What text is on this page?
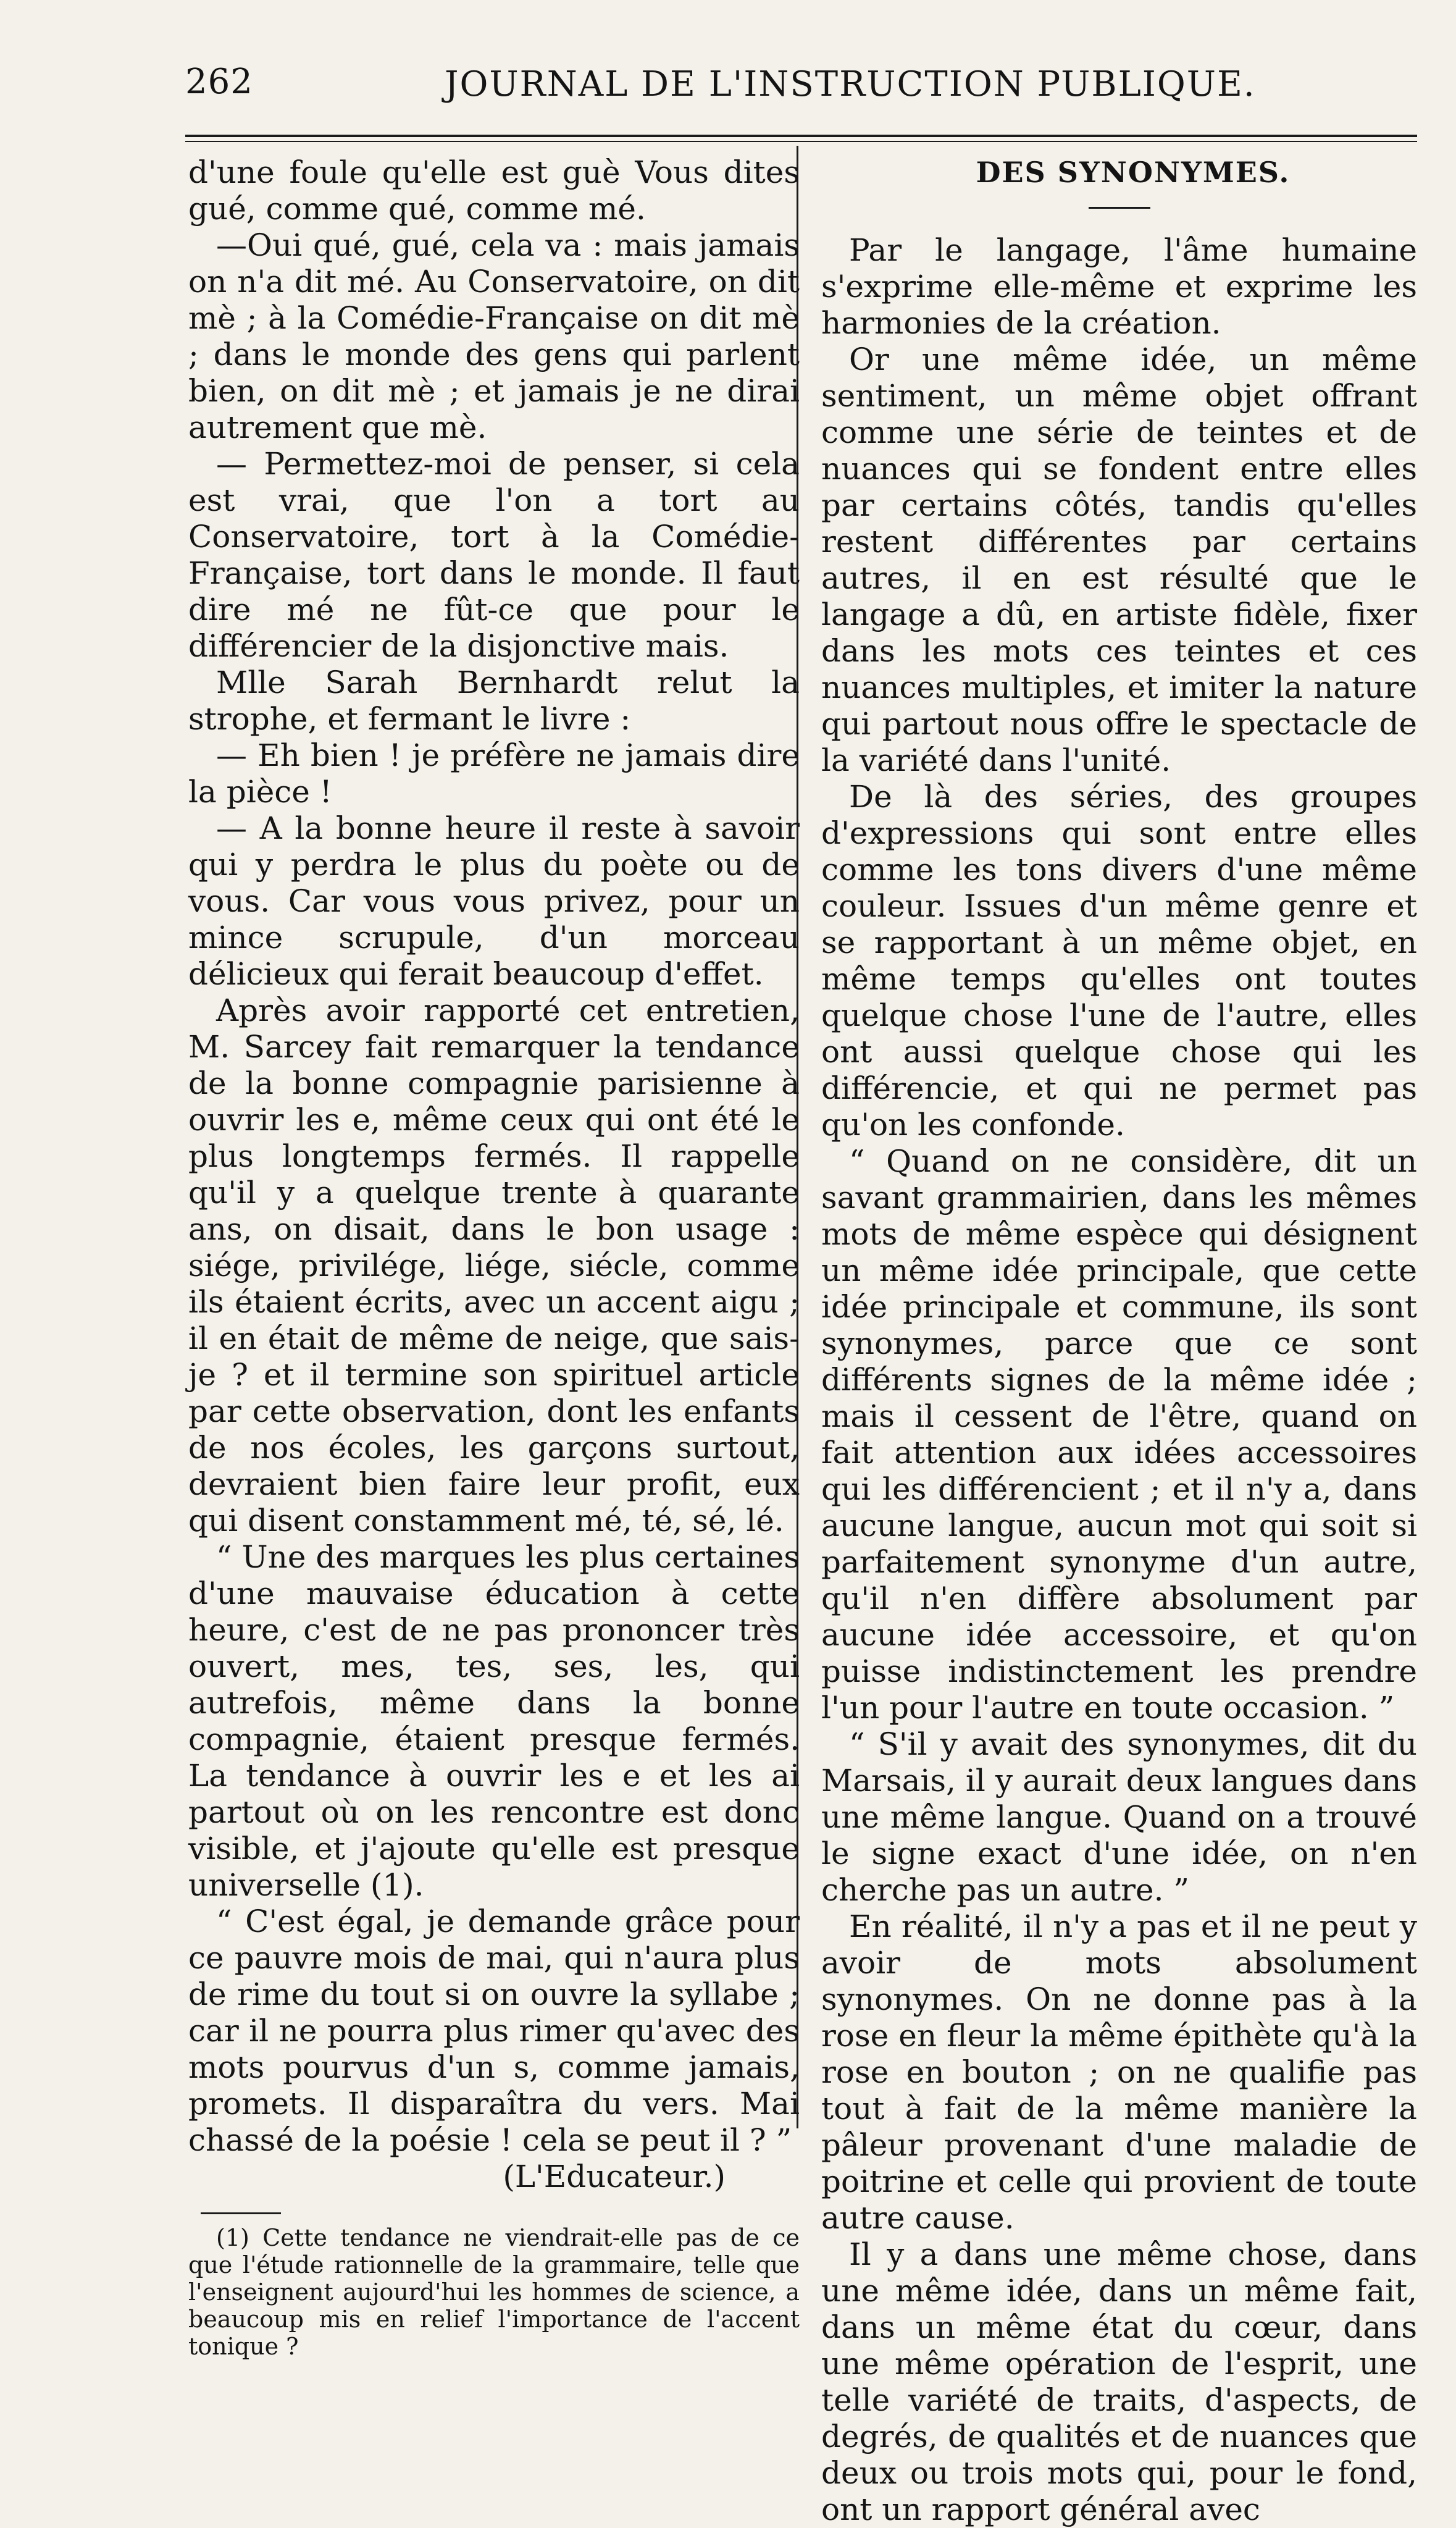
262	JOURNAL DE L'INSTRUCTION PUBLIQUE.

d'une foule qu'elle est guè Vous dites gué, comme qué, comme mé.

—Oui qué, gué, cela va : mais jamais on n'a dit mé. Au Conservatoire, on dit mè ; à la Comédie-Française on dit mè ; dans le monde des gens qui parlent bien, on dit mè ; et jamais je ne dirai autrement que mè.

— Permettez-moi de penser, si cela est vrai, que l'on a tort au Conservatoire, tort à la Comédie-Française, tort dans le monde. Il faut dire mé ne fût-ce que pour le différencier de la disjonctive mais.

Mlle Sarah Bernhardt relut la strophe, et fermant le livre :

— Eh bien ! je préfère ne jamais dire la pièce !

— A la bonne heure il reste à savoir qui y perdra le plus du poète ou de vous. Car vous vous privez, pour un mince scrupule, d'un morceau délicieux qui ferait beaucoup d'effet.

Après avoir rapporté cet entretien, M. Sarcey fait remarquer la tendance de la bonne compagnie parisienne à ouvrir les e, même ceux qui ont été le plus longtemps fermés. Il rappelle qu'il y a quelque trente à quarante ans, on disait, dans le bon usage : siége, privilége, liége, siécle, comme ils étaient écrits, avec un accent aigu ; il en était de même de neige, que sais-je ? et il termine son spirituel article par cette observation, dont les enfants de nos écoles, les garçons surtout, devraient bien faire leur profit, eux qui disent constamment mé, té, sé, lé.

“ Une des marques les plus certaines d'une mauvaise éducation à cette heure, c'est de ne pas prononcer très ouvert, mes, tes, ses, les, qui autrefois, même dans la bonne compagnie, étaient presque fermés. La tendance à ouvrir les e et les ai partout où on les rencontre est donc visible, et j'ajoute qu'elle est presque universelle (1).

“ C'est égal, je demande grâce pour ce pauvre mois de mai, qui n'aura plus de rime du tout si on ouvre la syllabe ; car il ne pourra plus rimer qu'avec des mots pourvus d'un s, comme jamais, promets. Il disparaîtra du vers. Mai chassé de la poésie ! cela se peut il ? ”

(L'Educateur.)

(1) Cette tendance ne viendrait-elle pas de ce que l'étude rationnelle de la grammaire, telle que l'enseignent aujourd'hui les hommes de science, a beaucoup mis en relief l'importance de l'accent tonique ?

DES SYNONYMES.

Par le langage, l'âme humaine s'exprime elle-même et exprime les harmonies de la création.

Or une même idée, un même sentiment, un même objet offrant comme une série de teintes et de nuances qui se fondent entre elles par certains côtés, tandis qu'elles restent différentes par certains autres, il en est résulté que le langage a dû, en artiste fidèle, fixer dans les mots ces teintes et ces nuances multiples, et imiter la nature qui partout nous offre le spectacle de la variété dans l'unité.

De là des séries, des groupes d'expressions qui sont entre elles comme les tons divers d'une même couleur. Issues d'un même genre et se rapportant à un même objet, en même temps qu'elles ont toutes quelque chose l'une de l'autre, elles ont aussi quelque chose qui les différencie, et qui ne permet pas qu'on les confonde.

“ Quand on ne considère, dit un savant grammairien, dans les mêmes mots de même espèce qui désignent un même idée principale, que cette idée principale et commune, ils sont synonymes, parce que ce sont différents signes de la même idée ; mais il cessent de l'être, quand on fait attention aux idées accessoires qui les différencient ; et il n'y a, dans aucune langue, aucun mot qui soit si parfaitement synonyme d'un autre, qu'il n'en diffère absolument par aucune idée accessoire, et qu'on puisse indistinctement les prendre l'un pour l'autre en toute occasion. ”

“ S'il y avait des synonymes, dit du Marsais, il y aurait deux langues dans une même langue. Quand on a trouvé le signe exact d'une idée, on n'en cherche pas un autre. ”

En réalité, il n'y a pas et il ne peut y avoir de mots absolument synonymes. On ne donne pas à la rose en fleur la même épithète qu'à la rose en bouton ; on ne qualifie pas tout à fait de la même manière la pâleur provenant d'une maladie de poitrine et celle qui provient de toute autre cause.

Il y a dans une même chose, dans une même idée, dans un même fait, dans un même état du cœur, dans une même opération de l'esprit, une telle variété de traits, d'aspects, de degrés, de qualités et de nuances que deux ou trois mots qui, pour le fond, ont un rapport général avec
